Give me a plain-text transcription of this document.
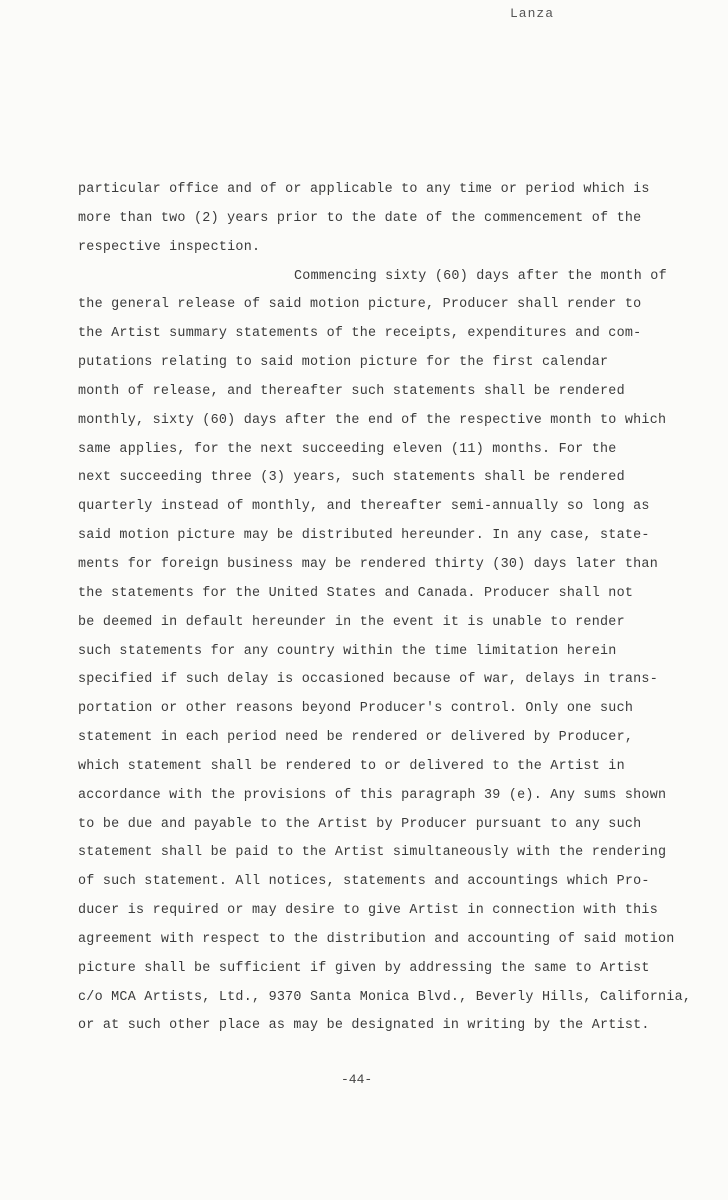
Lanza
particular office and of or applicable to any time or period which is
more than two (2) years prior to the date of the commencement of the
respective inspection.
Commencing sixty (60) days after the month of
the general release of said motion picture, Producer shall render to
the Artist summary statements of the receipts, expenditures and com-
putations relating to said motion picture for the first calendar
month of release, and thereafter such statements shall be rendered
monthly, sixty (60) days after the end of the respective month to which
same applies, for the next succeeding eleven (11) months. For the
next succeeding three (3) years, such statements shall be rendered
quarterly instead of monthly, and thereafter semi-annually so long as
said motion picture may be distributed hereunder. In any case, state-
ments for foreign business may be rendered thirty (30) days later than
the statements for the United States and Canada. Producer shall not
be deemed in default hereunder in the event it is unable to render
such statements for any country within the time limitation herein
specified if such delay is occasioned because of war, delays in trans-
portation or other reasons beyond Producer's control. Only one such
statement in each period need be rendered or delivered by Producer,
which statement shall be rendered to or delivered to the Artist in
accordance with the provisions of this paragraph 39 (e). Any sums shown
to be due and payable to the Artist by Producer pursuant to any such
statement shall be paid to the Artist simultaneously with the rendering
of such statement. All notices, statements and accountings which Pro-
ducer is required or may desire to give Artist in connection with this
agreement with respect to the distribution and accounting of said motion
picture shall be sufficient if given by addressing the same to Artist
c/o MCA Artists, Ltd., 9370 Santa Monica Blvd., Beverly Hills, California,
or at such other place as may be designated in writing by the Artist.
-44-
